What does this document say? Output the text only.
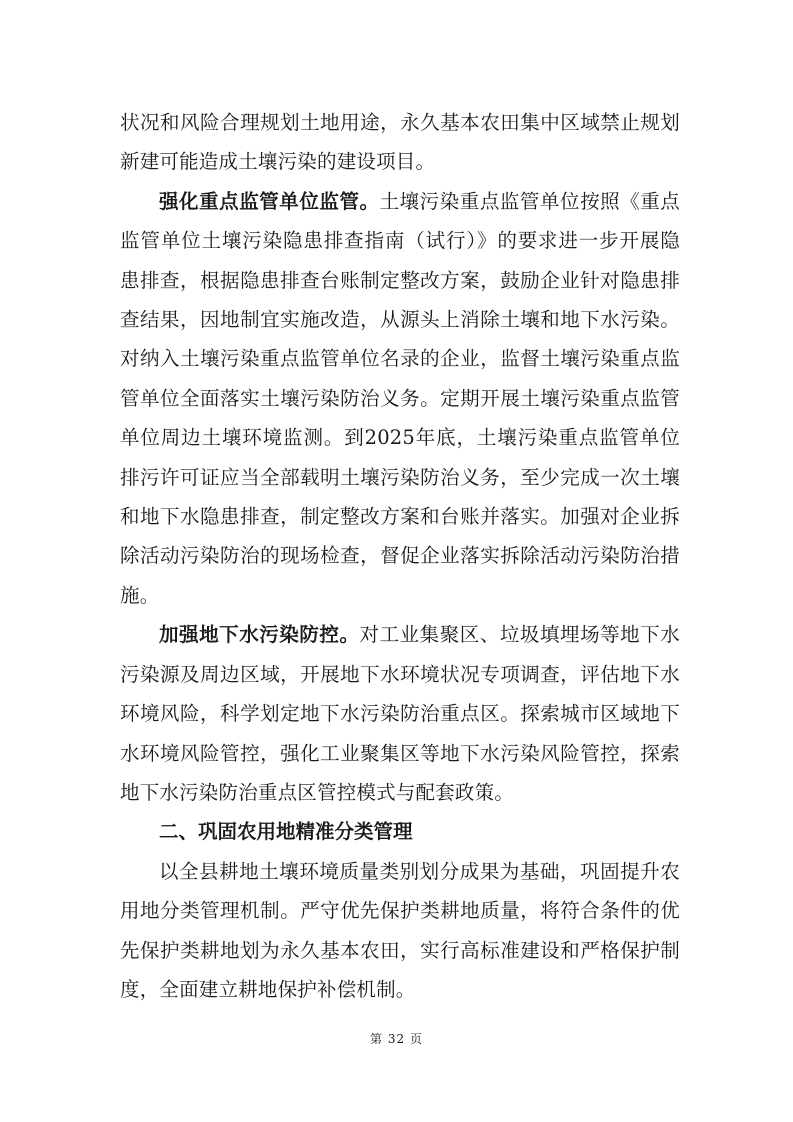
状况和风险合理规划土地用途，永久基本农田集中区域禁止规划新建可能造成土壤污染的建设项目。

强化重点监管单位监管。土壤污染重点监管单位按照《重点监管单位土壤污染隐患排查指南（试行）》的要求进一步开展隐患排查，根据隐患排查台账制定整改方案，鼓励企业针对隐患排查结果，因地制宜实施改造，从源头上消除土壤和地下水污染。对纳入土壤污染重点监管单位名录的企业，监督土壤污染重点监管单位全面落实土壤污染防治义务。定期开展土壤污染重点监管单位周边土壤环境监测。到2025年底，土壤污染重点监管单位排污许可证应当全部载明土壤污染防治义务，至少完成一次土壤和地下水隐患排查，制定整改方案和台账并落实。加强对企业拆除活动污染防治的现场检查，督促企业落实拆除活动污染防治措施。

加强地下水污染防控。对工业集聚区、垃圾填埋场等地下水污染源及周边区域，开展地下水环境状况专项调查，评估地下水环境风险，科学划定地下水污染防治重点区。探索城市区域地下水环境风险管控，强化工业聚集区等地下水污染风险管控，探索地下水污染防治重点区管控模式与配套政策。

二、巩固农用地精准分类管理

以全县耕地土壤环境质量类别划分成果为基础，巩固提升农用地分类管理机制。严守优先保护类耕地质量，将符合条件的优先保护类耕地划为永久基本农田，实行高标准建设和严格保护制度，全面建立耕地保护补偿机制。

第 32 页
